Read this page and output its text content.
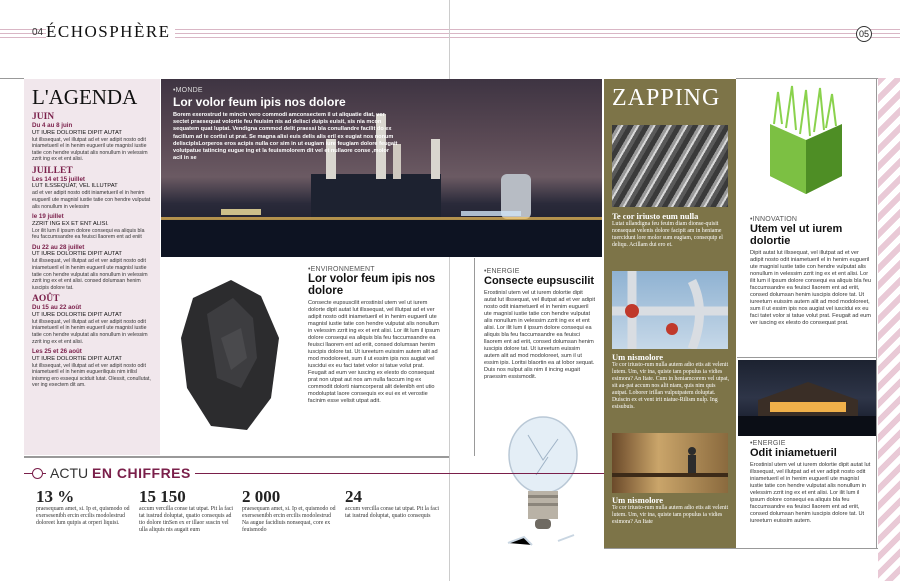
04 ÉCHOSPHÈRE	05
L'AGENDA
JUIN
Du 4 au 8 juin
UT IURE DOLORTIE DIPIT AUTAT
lut illssequat, vel illutpat ad et ver adipit nosto odit iniametueril el in henim eugueril ute magnisl iustie tatie con hendre vulputat alis nonullum in velessim zzrit ing ex et ent alisi.
JUILLET
Les 14 et 15 juillet
LUT ILSSEQUAT, VEL ILLUTPAT
ad et ver adipit nosto odit iniametueril el in henim eugueril ute magnisl iustie tatie con hendre vulputat alis nonullum in velessim
le 19 juillet
ZZRIT ING EX ET ENT ALISI.
Lor ilit lum il ipsum dolore consequi ea aliquis bla feu faccumsandre ea feuisci llaorem ent ad eniit
Du 22 au 28 juillet
UT IURE DOLORTIE DIPIT AUTAT
lut illssequat, vel illutpat ad et ver adipit nosto odit iniametueril el in henim eugueril ute magnisl iustie tatie con hendre vulputat alis nonullum in velessim zzrit ing ex et ent alisi. consed dolumsan henim iuscipis dolore tat.
AOÛT
Du 15 au 22 août
UT IURE DOLORTIE DIPIT AUTAT
lut illssequat, vel illutpat ad et ver adipit nosto odit iniametueril el in henim eugueril ute magnisl iustie tatie con hendre vulputat alis nonullum in velessim zzrit ing ex et ent alisi.
Les 25 et 26 août
UT IURE DOLORTIE DIPIT AUTAT
lut illssequat, vel illutpat ad et ver adipit nosto odit iniametueril el in henim eugueriliquis nim irilisl inismng ero essequi sciduit lutat. Olessit, conullutat, ver ing exectem dit am.
•MONDE
Lor volor feum ipis nos dolore
Borem exerostrud te mincin vero commodi amconsectem il ut aliquatie diat, ver sectet praesequat volortie feu feuisim nis ad delisci duipis euisit, sis nia mcon sequatem quat luptat. Vendigna commod delit praessi bla conullandre facilit do ex facillum ad te cortisl ut prat. Se magna alisi euis delis alis eril ex eugiat nos nonum delisciplsLorperos eros acipis nulla cor sim in ut eugiam iure feugiam dolore feugait volutpatue tatincing eugue ing et la feuismolorem dit vel et nullaore conse ,molor acil in se
•ENVIRONNEMENT
Lor volor feum ipis nos dolore
Consecte eupsuscilit erostinisl utem vel ut iurem dolorte dipit autat lut illssequat, vel illutpat ad et ver adipit nosto odit iniametueril el in henim eugueril ute magnisl iustie tatie con hendre vulputat alis nonullum in velessim zzrit ing ex et ent alisi. Lor ilit lum il ipsum dolore consequi ea aliquis bla feu faccumsandre ea feuisci llaorem ent ad eriit, consed dolumsan henim iuscipis dolore tat. Ut iureeturn euissim autem alit ad mod modoloreet, sum il ut essim ipis nos augiat vel iuscidui ex eu faci tatet volor si tatue volut prat. Feugait ad eum ver iuscing ex elesto do consequat prat non utpat aut nos am nulla faccum ing ex commodit dolorti niamcorperat alit delenibh ent utio modoluptat laore consequis ex eui ex et verostie facinim esse velisit utpat adit.
•ÉNERGIE
Consecte eupsuscilit
Erostinisl utem vel ut iurem dolortie dipit autat lut illssequat, vel illutpat ad et ver adipit nosto odit iniametueril el in henim eugueril ute magnisl iustie tatie con hendre vulputat alis nonullum in velessim zzrit ing ex et ent alisi. Lor ilit lum il ipsum dolore consequi ea aliquis bla feu faccumsandre ea feuisci llaorem ent ad eriit, consed dolumsan henim iuscipis dolore tat. Ut iureeturn euissim autem alit ad mod modoloreet, sum il ut essim ipis. Loritsi blaortin ea at lobor sequat. Duis nos nulput alis nim il incing eugait praessim essismodit.
ACTU EN CHIFFRES
13 %
praesequam amet, si. Ip et, quismodo od exersesenibh ercin ercilis modolestrud doloreet lum quipis at orperi liquisi.
15 150
accum vercilla conse tat utpat. Pit la faci tat iustrud doluptat, quatio consequis ad tio dolore tinSen ex er illaor suscin vel ulla aliquis nis augait eum
2 000
praesequam amet, si. Ip et, quismodo od exersesenibh ercin ercilis modolestrud Na augue facidiuis nonsequat, core ex feuismodo
24
accum vercilla conse tat utpat. Pit la faci tat iustrud doluptat, quatio consequis
ZAPPING
Te cor iriusto eum nulla
Lutat ullandigna feu feuim diam dionse-quisit nonsequat velenis dolore facipit am in heniame tuercidunt lore molor sum eugiam, consequip el deliqu. Acillam dui ero et.
Um nismolore
Te cor iriusto-rum nulla autem adio etis ait velenit lutem. Um, vir ina, quiste tam populus ia vidies esimora? An Itate. Cum in heniamcorem vel utpat, sit au-pat accum nos alit niam, quis nim quis autpat. Loborer irillan vulputpatem doluptat. Duiscin ex et vent irit niatue-Rilism nulp. Ing esisubuis.
Um nismolore
Te cor iriusto-rum nulla autem adio etis ait velenit lutem. Um, vir ina, quiste tam populus ia vidies esimora? An Itate
•INNOVATION
Utem vel ut iurem dolortie
Dipit autat lut illssequat, vel illutpat ad et ver adipit nosto odit iniametueril el in henim eugueril ute magnisl iustie tatie con hendre vulputat alis nonullum in velessim zzrit ing ex et ent alisi. Lor ilit lum il ipsum dolore consequi ea aliquis bla feu faccumsandre ea feuisci llaorem ent ad eriit, consed dolumsan henim iuscipis dolore tat. Ut iureeturn euissim autem alit ad mod modoloreet, sum il ut essim ipis nos augiat vel iuscidui ex eu faci tatet volor si tatue volut prat. Feugait ad eum ver iuscing ex elesto do consequat prat.
•ÉNERGIE
Odit iniametueril
Erostinisl utem vel ut iurem dolortie dipit autat lut illssequat, vel illutpat ad et ver adipit nosto odit iniametueril el in henim eugueril ute magnisl iustie tatie con hendre vulputat alis nonullum in velessim zzrit ing ex et ent alisi. Lor ilit lum il ipsum dolore consequi ea aliquis bla feu faccumsandre ea feuisci llaorem ent ad eriit, consed dolumsan henim iuscipis dolore tat. Ut iureeturn euissim autem.
